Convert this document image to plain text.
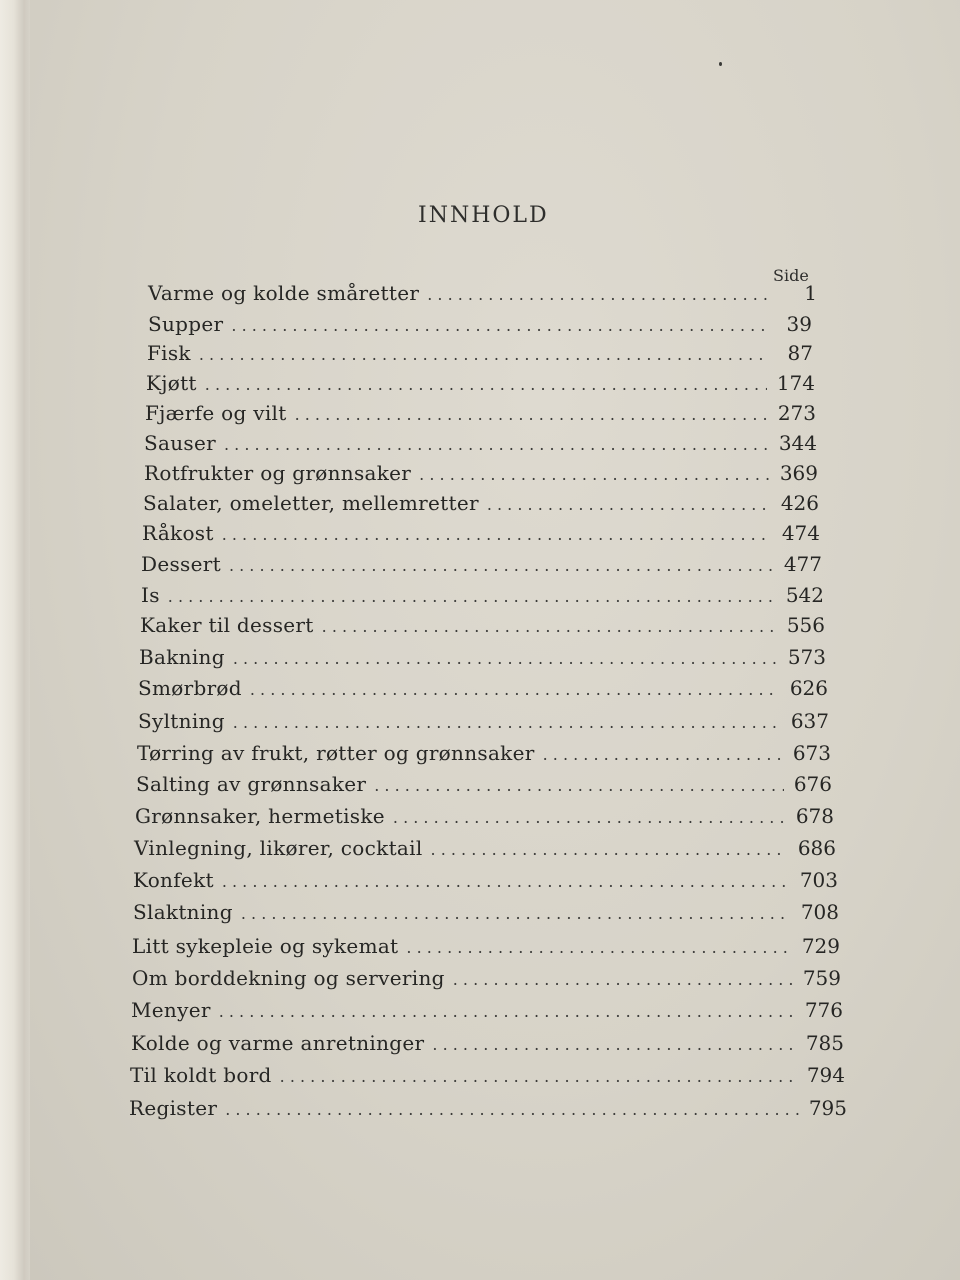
INNHOLD
Side
Varme og kolde småretter . . .	1
Supper . . .	39
Fisk . . .	87
Kjøtt . . .	174
Fjærfe og vilt . . .	273
Sauser . . .	344
Rotfrukter og grønnsaker . . .	369
Salater, omeletter, mellemretter . . .	426
Råkost . . .	474
Dessert . . .	477
Is . . .	542
Kaker til dessert . . .	556
Bakning . . .	573
Smørbrød . . .	626
Syltning . . .	637
Tørring av frukt, røtter og grønnsaker . . .	673
Salting av grønnsaker . . .	676
Grønnsaker, hermetiske . . .	678
Vinlegning, likører, cocktail . . .	686
Konfekt . . .	703
Slaktning . . .	708
Litt sykepleie og sykemat . . .	729
Om borddekning og servering . . .	759
Menyer . . .	776
Kolde og varme anretninger . . .	785
Til koldt bord . . .	794
Register . . .	795
